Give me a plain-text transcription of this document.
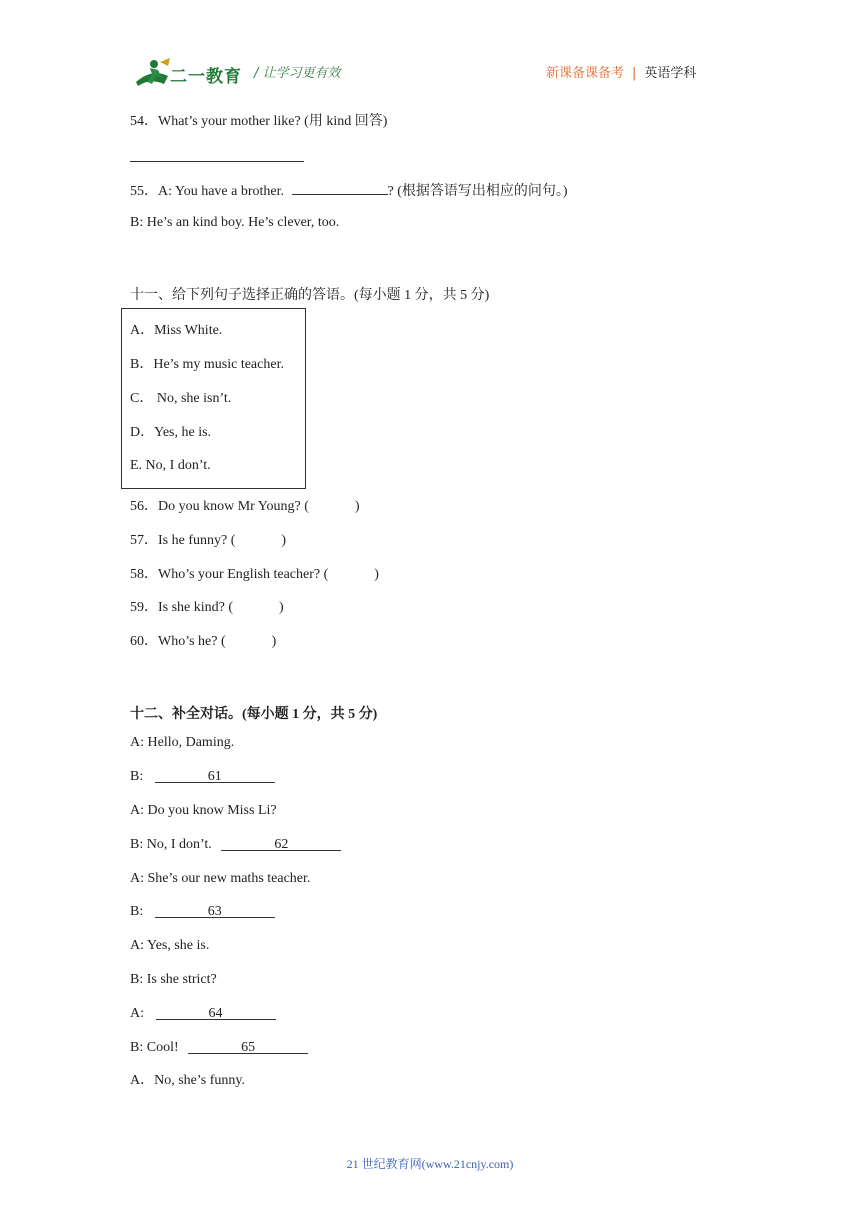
二一教育 / 让学习更有效	新课备课备考 | 英语学科
54．What’s your mother like? (用 kind 回答)
55．A: You have a brother.	? (根据答语写出相应的问句。)
B: He’s an kind boy. He’s clever, too.
十一、给下列句子选择正确的答语。(每小题 1 分，共 5 分)
A．Miss White.
B．He’s my music teacher.
C． No, she isn’t.
D．Yes, he is.
E. No, I don’t.
56．Do you know Mr Young? (	)
57．Is he funny? (	)
58．Who’s your English teacher? (	)
59．Is she kind? (	)
60．Who’s he? (	)
十二、补全对话。(每小题 1 分，共 5 分)
A: Hello, Daming.
B:	61
A: Do you know Miss Li?
B: No, I don’t.	62
A: She’s our new maths teacher.
B:	63
A: Yes, she is.
B: Is she strict?
A:	64
B: Cool!	65
A．No, she’s funny.
21 世纪教育网(www.21cnjy.com)
